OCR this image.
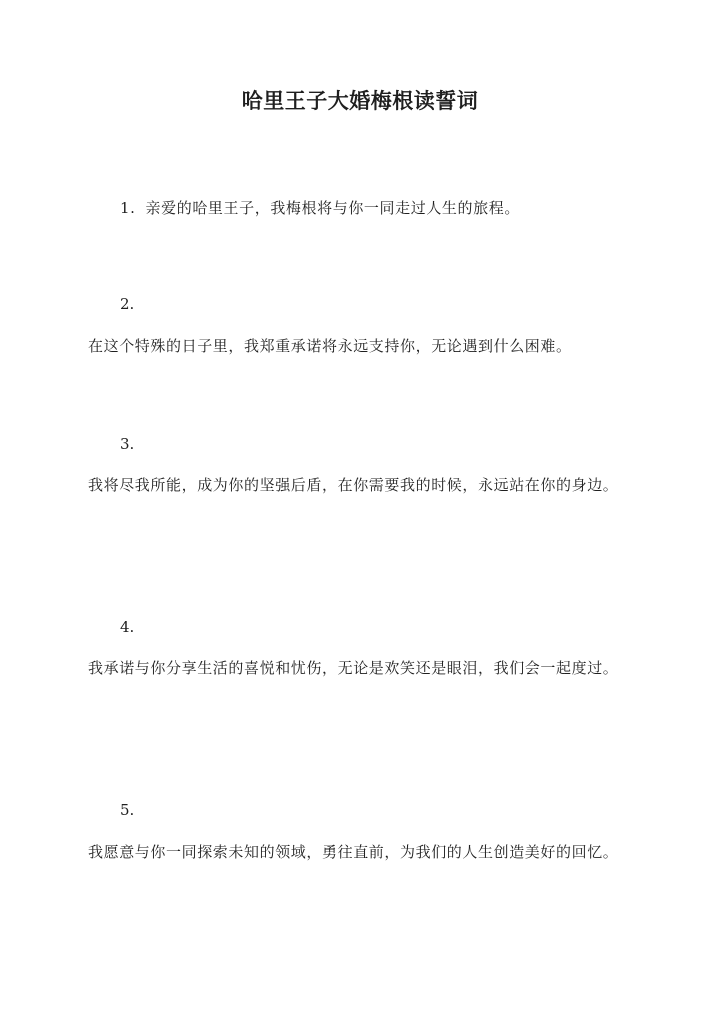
哈里王子大婚梅根读誓词
1. 亲爱的哈里王子，我梅根将与你一同走过人生的旅程。
2.
在这个特殊的日子里，我郑重承诺将永远支持你，无论遇到什么困难。
3.
我将尽我所能，成为你的坚强后盾，在你需要我的时候，永远站在你的身边。
4.
我承诺与你分享生活的喜悦和忧伤，无论是欢笑还是眼泪，我们会一起度过。
5.
我愿意与你一同探索未知的领域，勇往直前，为我们的人生创造美好的回忆。
